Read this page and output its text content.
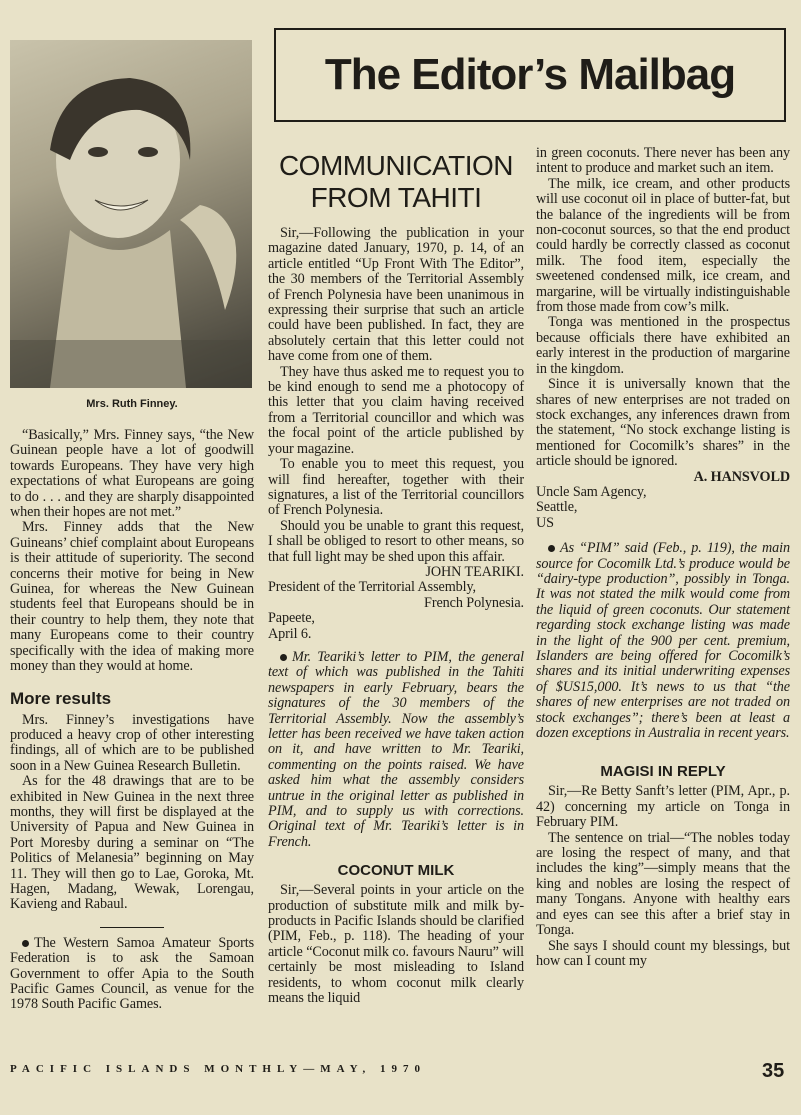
Mrs. Ruth Finney.
The Editor’s Mailbag

“Basically,” Mrs. Finney says, “the New Guinean people have a lot of goodwill towards Europeans. They have very high expectations of what Europeans are going to do . . . and they are sharply disappointed when their hopes are not met.”

Mrs. Finney adds that the New Guineans’ chief complaint about Europeans is their attitude of superiority. The second concerns their motive for being in New Guinea, for whereas the New Guinean students feel that Europeans should be in their country to help them, they note that many Europeans come to their country specifically with the idea of making more money than they would at home.

More results

Mrs. Finney’s investigations have produced a heavy crop of other interesting findings, all of which are to be published soon in a New Guinea Research Bulletin.

As for the 48 drawings that are to be exhibited in New Guinea in the next three months, they will first be displayed at the University of Papua and New Guinea in Port Moresby during a seminar on “The Politics of Melanesia” beginning on May 11. They will then go to Lae, Goroka, Mt. Hagen, Madang, Wewak, Lorengau, Kavieng and Rabaul.

The Western Samoa Amateur Sports Federation is to ask the Samoan Government to offer Apia to the South Pacific Games Council, as venue for the 1978 South Pacific Games.

COMMUNICATION FROM TAHITI

Sir,—Following the publication in your magazine dated January, 1970, p. 14, of an article entitled “Up Front With The Editor”, the 30 members of the Territorial Assembly of French Polynesia have been unanimous in expressing their surprise that such an article could have been published. In fact, they are absolutely certain that this letter could not have come from one of them.

They have thus asked me to request you to be kind enough to send me a photocopy of this letter that you claim having received from a Territorial councillor and which was the focal point of the article published by your magazine.

To enable you to meet this request, you will find hereafter, together with their signatures, a list of the Territorial councillors of French Polynesia.

Should you be unable to grant this request, I shall be obliged to resort to other means, so that full light may be shed upon this affair.

JOHN TEARIKI.

President of the Territorial Assembly,

French Polynesia.

Papeete,

April 6.

Mr. Teariki’s letter to PIM, the general text of which was published in the Tahiti newspapers in early February, bears the signatures of the 30 members of the Territorial Assembly. Now the assembly’s letter has been received we have taken action on it, and have written to Mr. Teariki, commenting on the points raised. We have asked him what the assembly considers untrue in the original letter as published in PIM, and to supply us with corrections. Original text of Mr. Teariki’s letter is in French.

COCONUT MILK

Sir,—Several points in your article on the production of substitute milk and milk by-products in Pacific Islands should be clarified (PIM, Feb., p. 118). The heading of your article “Coconut milk co. favours Nauru” will certainly be most misleading to Island residents, to whom coconut milk clearly means the liquid

in green coconuts. There never has been any intent to produce and market such an item.

The milk, ice cream, and other products will use coconut oil in place of butter-fat, but the balance of the ingredients will be from non-coconut sources, so that the end product could hardly be correctly classed as coconut milk. The food item, especially the sweetened condensed milk, ice cream, and margarine, will be virtually indistinguishable from those made from cow’s milk.

Tonga was mentioned in the prospectus because officials there have exhibited an early interest in the production of margarine in the kingdom.

Since it is universally known that the shares of new enterprises are not traded on stock exchanges, any inferences drawn from the statement, “No stock exchange listing is mentioned for Cocomilk’s shares” in the article should be ignored.

A. HANSVOLD

Uncle Sam Agency,

Seattle,

US

As “PIM” said (Feb., p. 119), the main source for Cocomilk Ltd.’s produce would be “dairy-type production”, possibly in Tonga. It was not stated the milk would come from the liquid of green coconuts. Our statement regarding stock exchange listing was made in the light of the 900 per cent. premium, Islanders are being offered for Cocomilk’s shares and its initial underwriting expenses of $US15,000. It’s news to us that “the shares of new enterprises are not traded on stock exchanges”; there’s been at least a dozen exceptions in Australia in recent years.

MAGISI IN REPLY

Sir,—Re Betty Sanft’s letter (PIM, Apr., p. 42) concerning my article on Tonga in February PIM.

The sentence on trial—“The nobles today are losing the respect of many, and that includes the king”—simply means that the king and nobles are losing the respect of many Tongans. Anyone with healthy ears and eyes can see this after a brief stay in Tonga.

She says I should count my blessings, but how can I count my

PACIFIC ISLANDS MONTHLY—MAY, 1970	35
